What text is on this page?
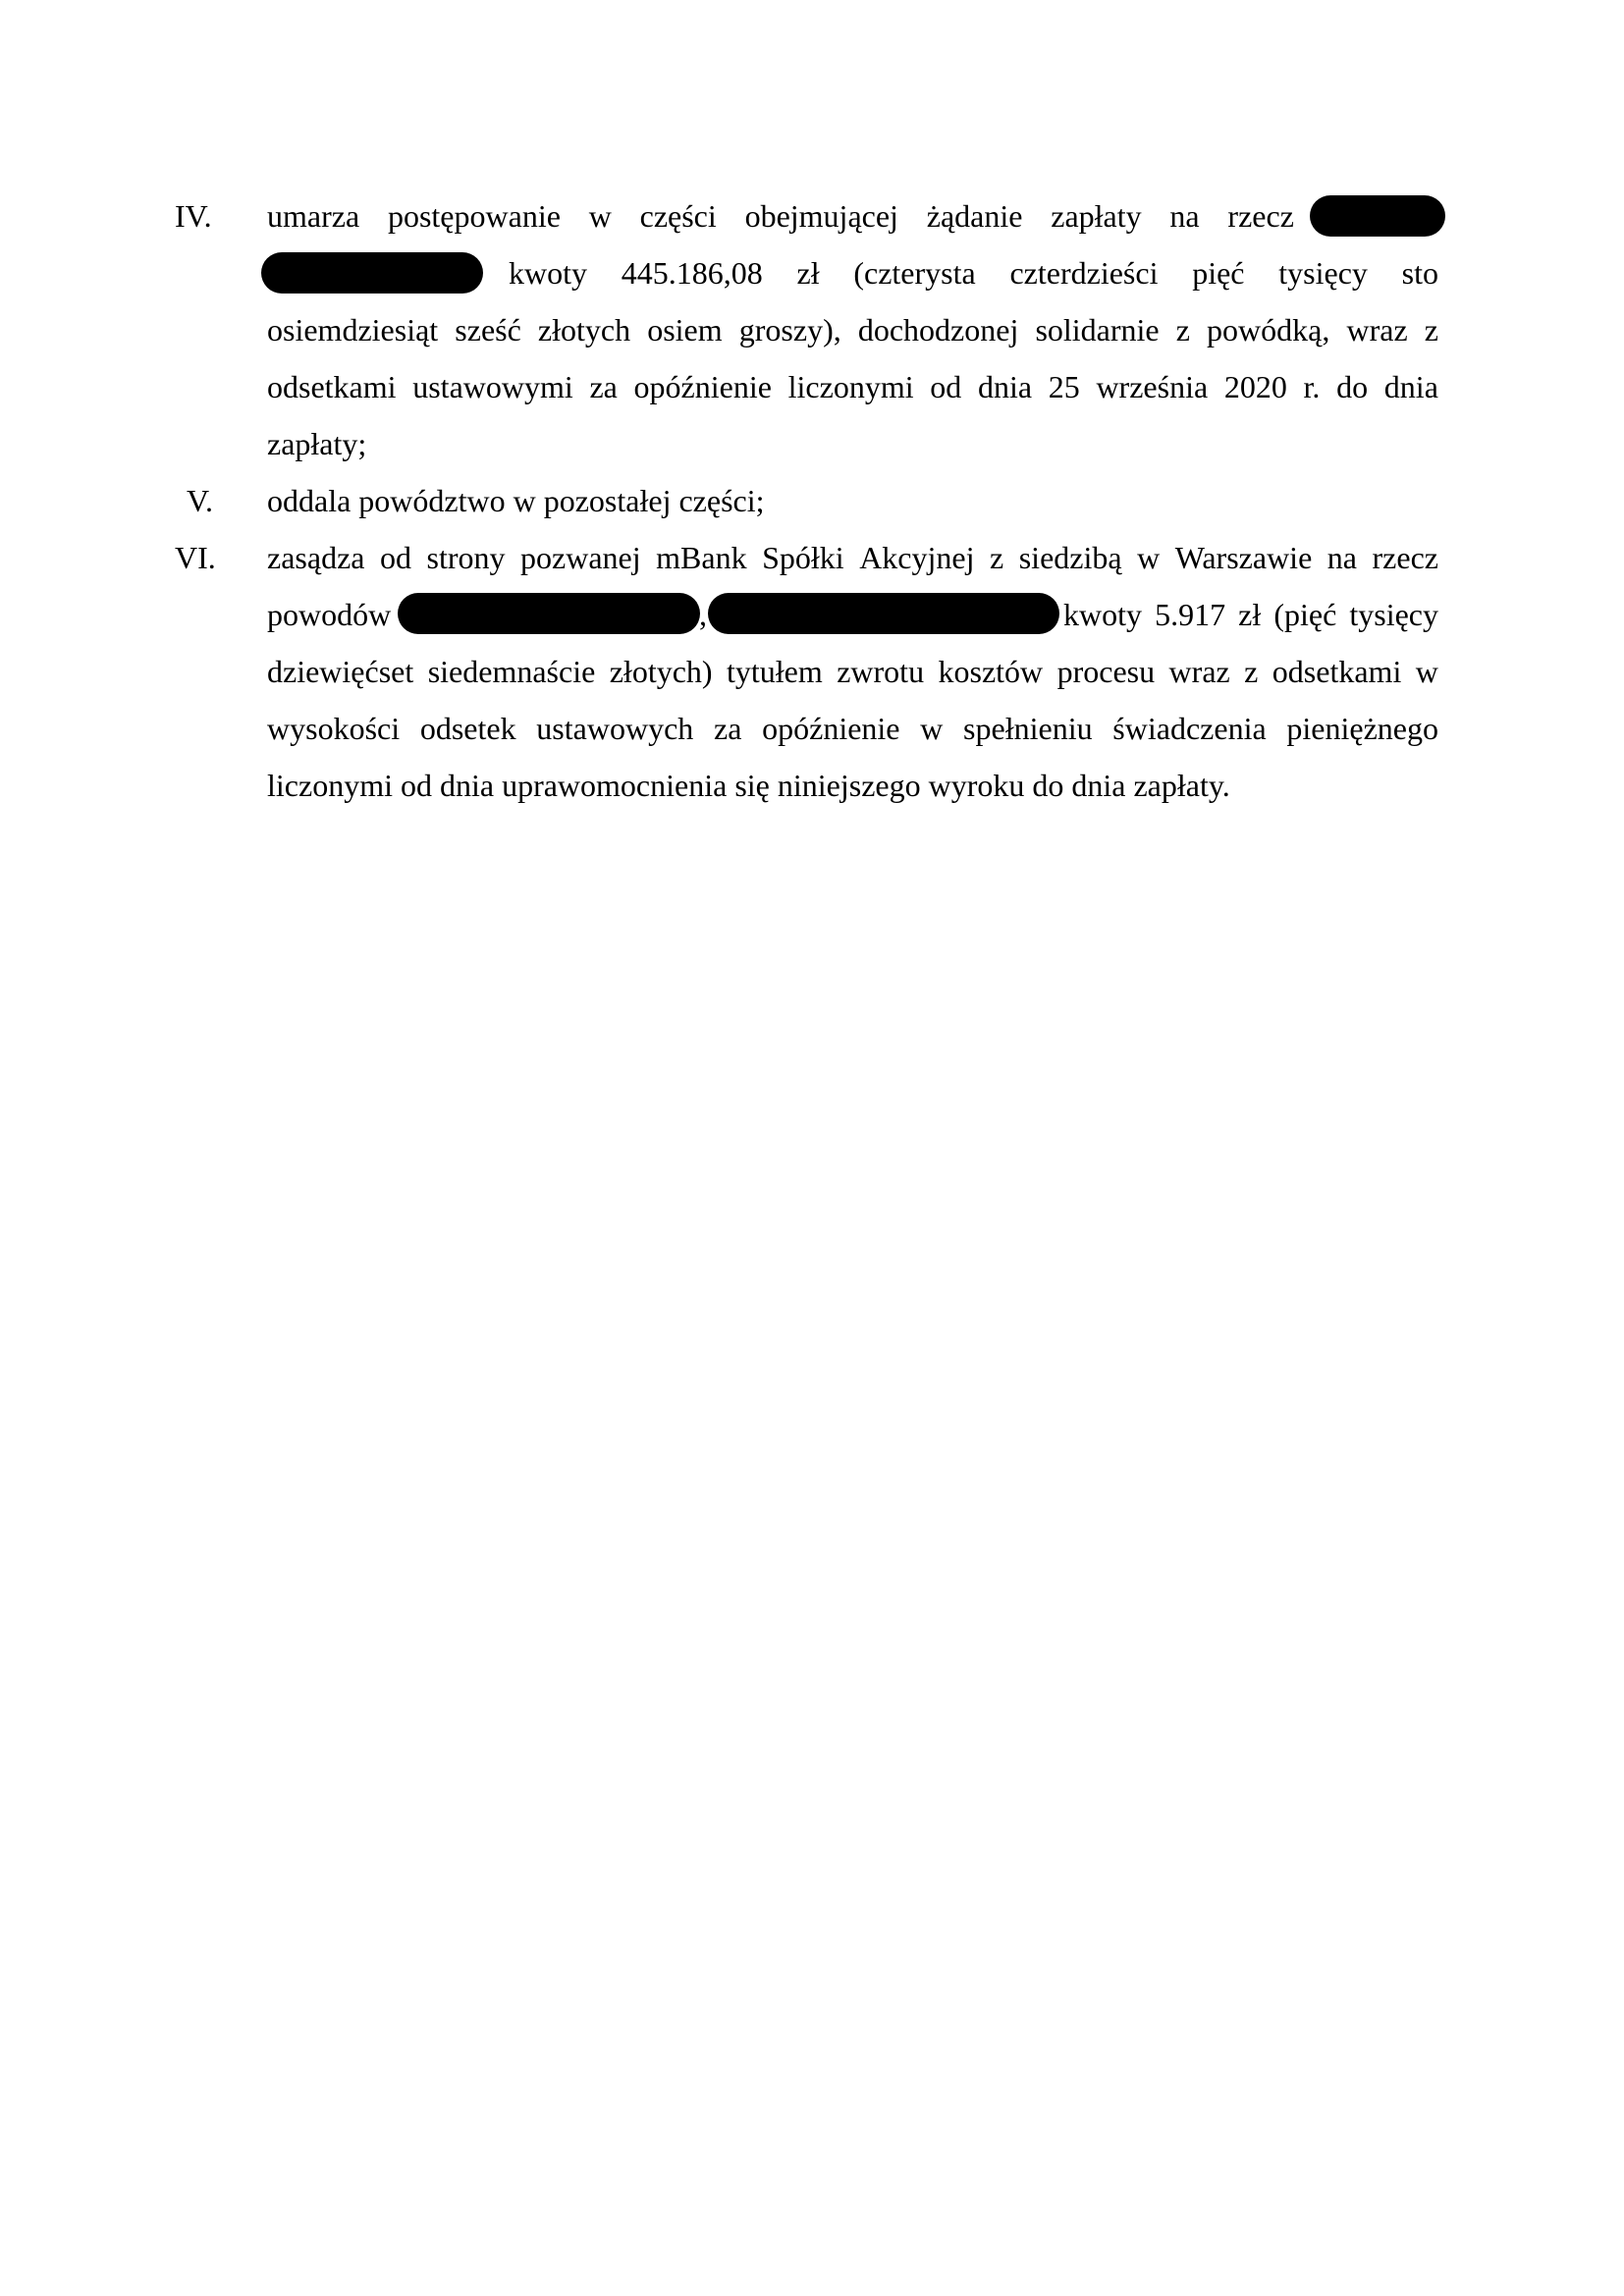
IV. umarza postępowanie w części obejmującej żądanie zapłaty na rzecz
kwoty 445.186,08 zł (czterysta czterdzieści pięć tysięcy sto
osiemdziesiąt sześć złotych osiem groszy), dochodzonej solidarnie z powódką, wraz z
odsetkami ustawowymi za opóźnienie liczonymi od dnia 25 września 2020 r. do dnia
zapłaty;
V. oddala powództwo w pozostałej części;
VI. zasądza od strony pozwanej mBank Spółki Akcyjnej z siedzibą w Warszawie na rzecz
powodów	,	kwoty 5.917 zł (pięć tysięcy
dziewięćset siedemnaście złotych) tytułem zwrotu kosztów procesu wraz z odsetkami w
wysokości odsetek ustawowych za opóźnienie w spełnieniu świadczenia pieniężnego
liczonymi od dnia uprawomocnienia się niniejszego wyroku do dnia zapłaty.
